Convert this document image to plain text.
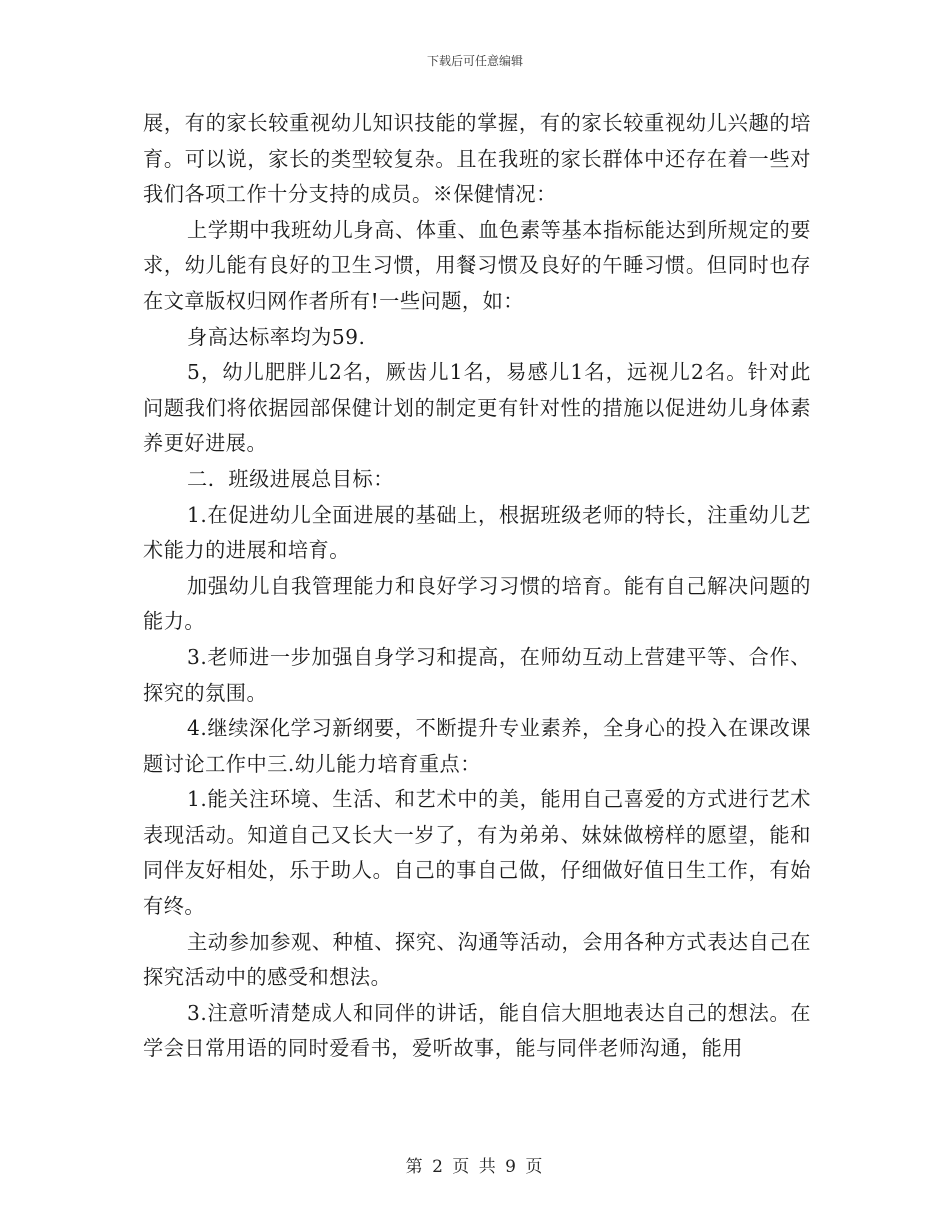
下载后可任意编辑

展，有的家长较重视幼儿知识技能的掌握，有的家长较重视幼儿兴趣的培育。可以说，家长的类型较复杂。且在我班的家长群体中还存在着一些对我们各项工作十分支持的成员。※保健情况：

上学期中我班幼儿身高、体重、血色素等基本指标能达到所规定的要求，幼儿能有良好的卫生习惯，用餐习惯及良好的午睡习惯。但同时也存在文章版权归网作者所有!一些问题，如：

身高达标率均为59.

5，幼儿肥胖儿2名，厥齿儿1名，易感儿1名，远视儿2名。针对此问题我们将依据园部保健计划的制定更有针对性的措施以促进幼儿身体素养更好进展。

二．班级进展总目标：

1.在促进幼儿全面进展的基础上，根据班级老师的特长，注重幼儿艺术能力的进展和培育。

加强幼儿自我管理能力和良好学习习惯的培育。能有自己解决问题的能力。

3.老师进一步加强自身学习和提高，在师幼互动上营建平等、合作、探究的氛围。

4.继续深化学习新纲要，不断提升专业素养，全身心的投入在课改课题讨论工作中三.幼儿能力培育重点：

1.能关注环境、生活、和艺术中的美，能用自己喜爱的方式进行艺术表现活动。知道自己又长大一岁了，有为弟弟、妹妹做榜样的愿望，能和同伴友好相处，乐于助人。自己的事自己做，仔细做好值日生工作，有始有终。

主动参加参观、种植、探究、沟通等活动，会用各种方式表达自己在探究活动中的感受和想法。

3.注意听清楚成人和同伴的讲话，能自信大胆地表达自己的想法。在学会日常用语的同时爱看书，爱听故事，能与同伴老师沟通，能用

第 2 页 共 9 页
